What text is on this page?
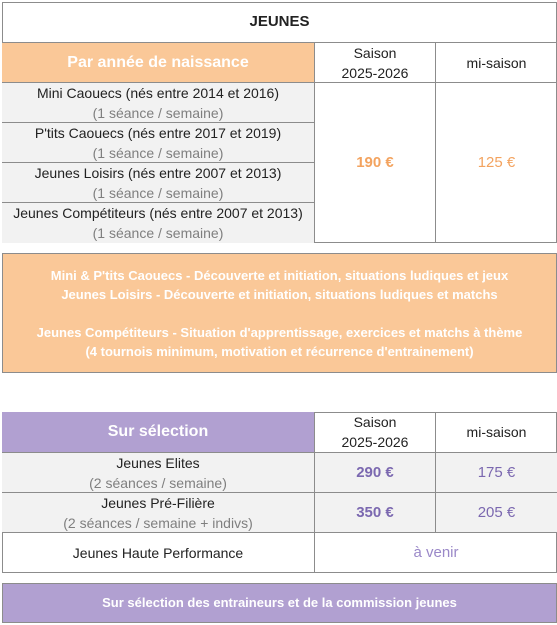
JEUNES
Par année de naissance
Saison
2025-2026
mi-saison
Mini Caouecs (nés entre 2014 et 2016)
(1 séance / semaine)
P'tits Caouecs (nés entre 2017 et 2019)
(1 séance / semaine)
Jeunes Loisirs (nés entre 2007 et 2013)
(1 séance / semaine)
Jeunes Compétiteurs (nés entre 2007 et 2013)
(1 séance / semaine)
190 €	125 €
Mini & P'tits Caouecs - Découverte et initiation, situations ludiques et jeux
Jeunes Loisirs - Découverte et initiation, situations ludiques et matchs
Jeunes Compétiteurs - Situation d'apprentissage, exercices et matchs à thème
(4 tournois minimum, motivation et récurrence d'entrainement)
Sur sélection
Saison
2025-2026
mi-saison
Jeunes Elites
(2 séances / semaine)
290 €	175 €
Jeunes Pré-Filière
(2 séances / semaine + indivs)
350 €	205 €
Jeunes Haute Performance	à venir
Sur sélection des entraineurs et de la commission jeunes
